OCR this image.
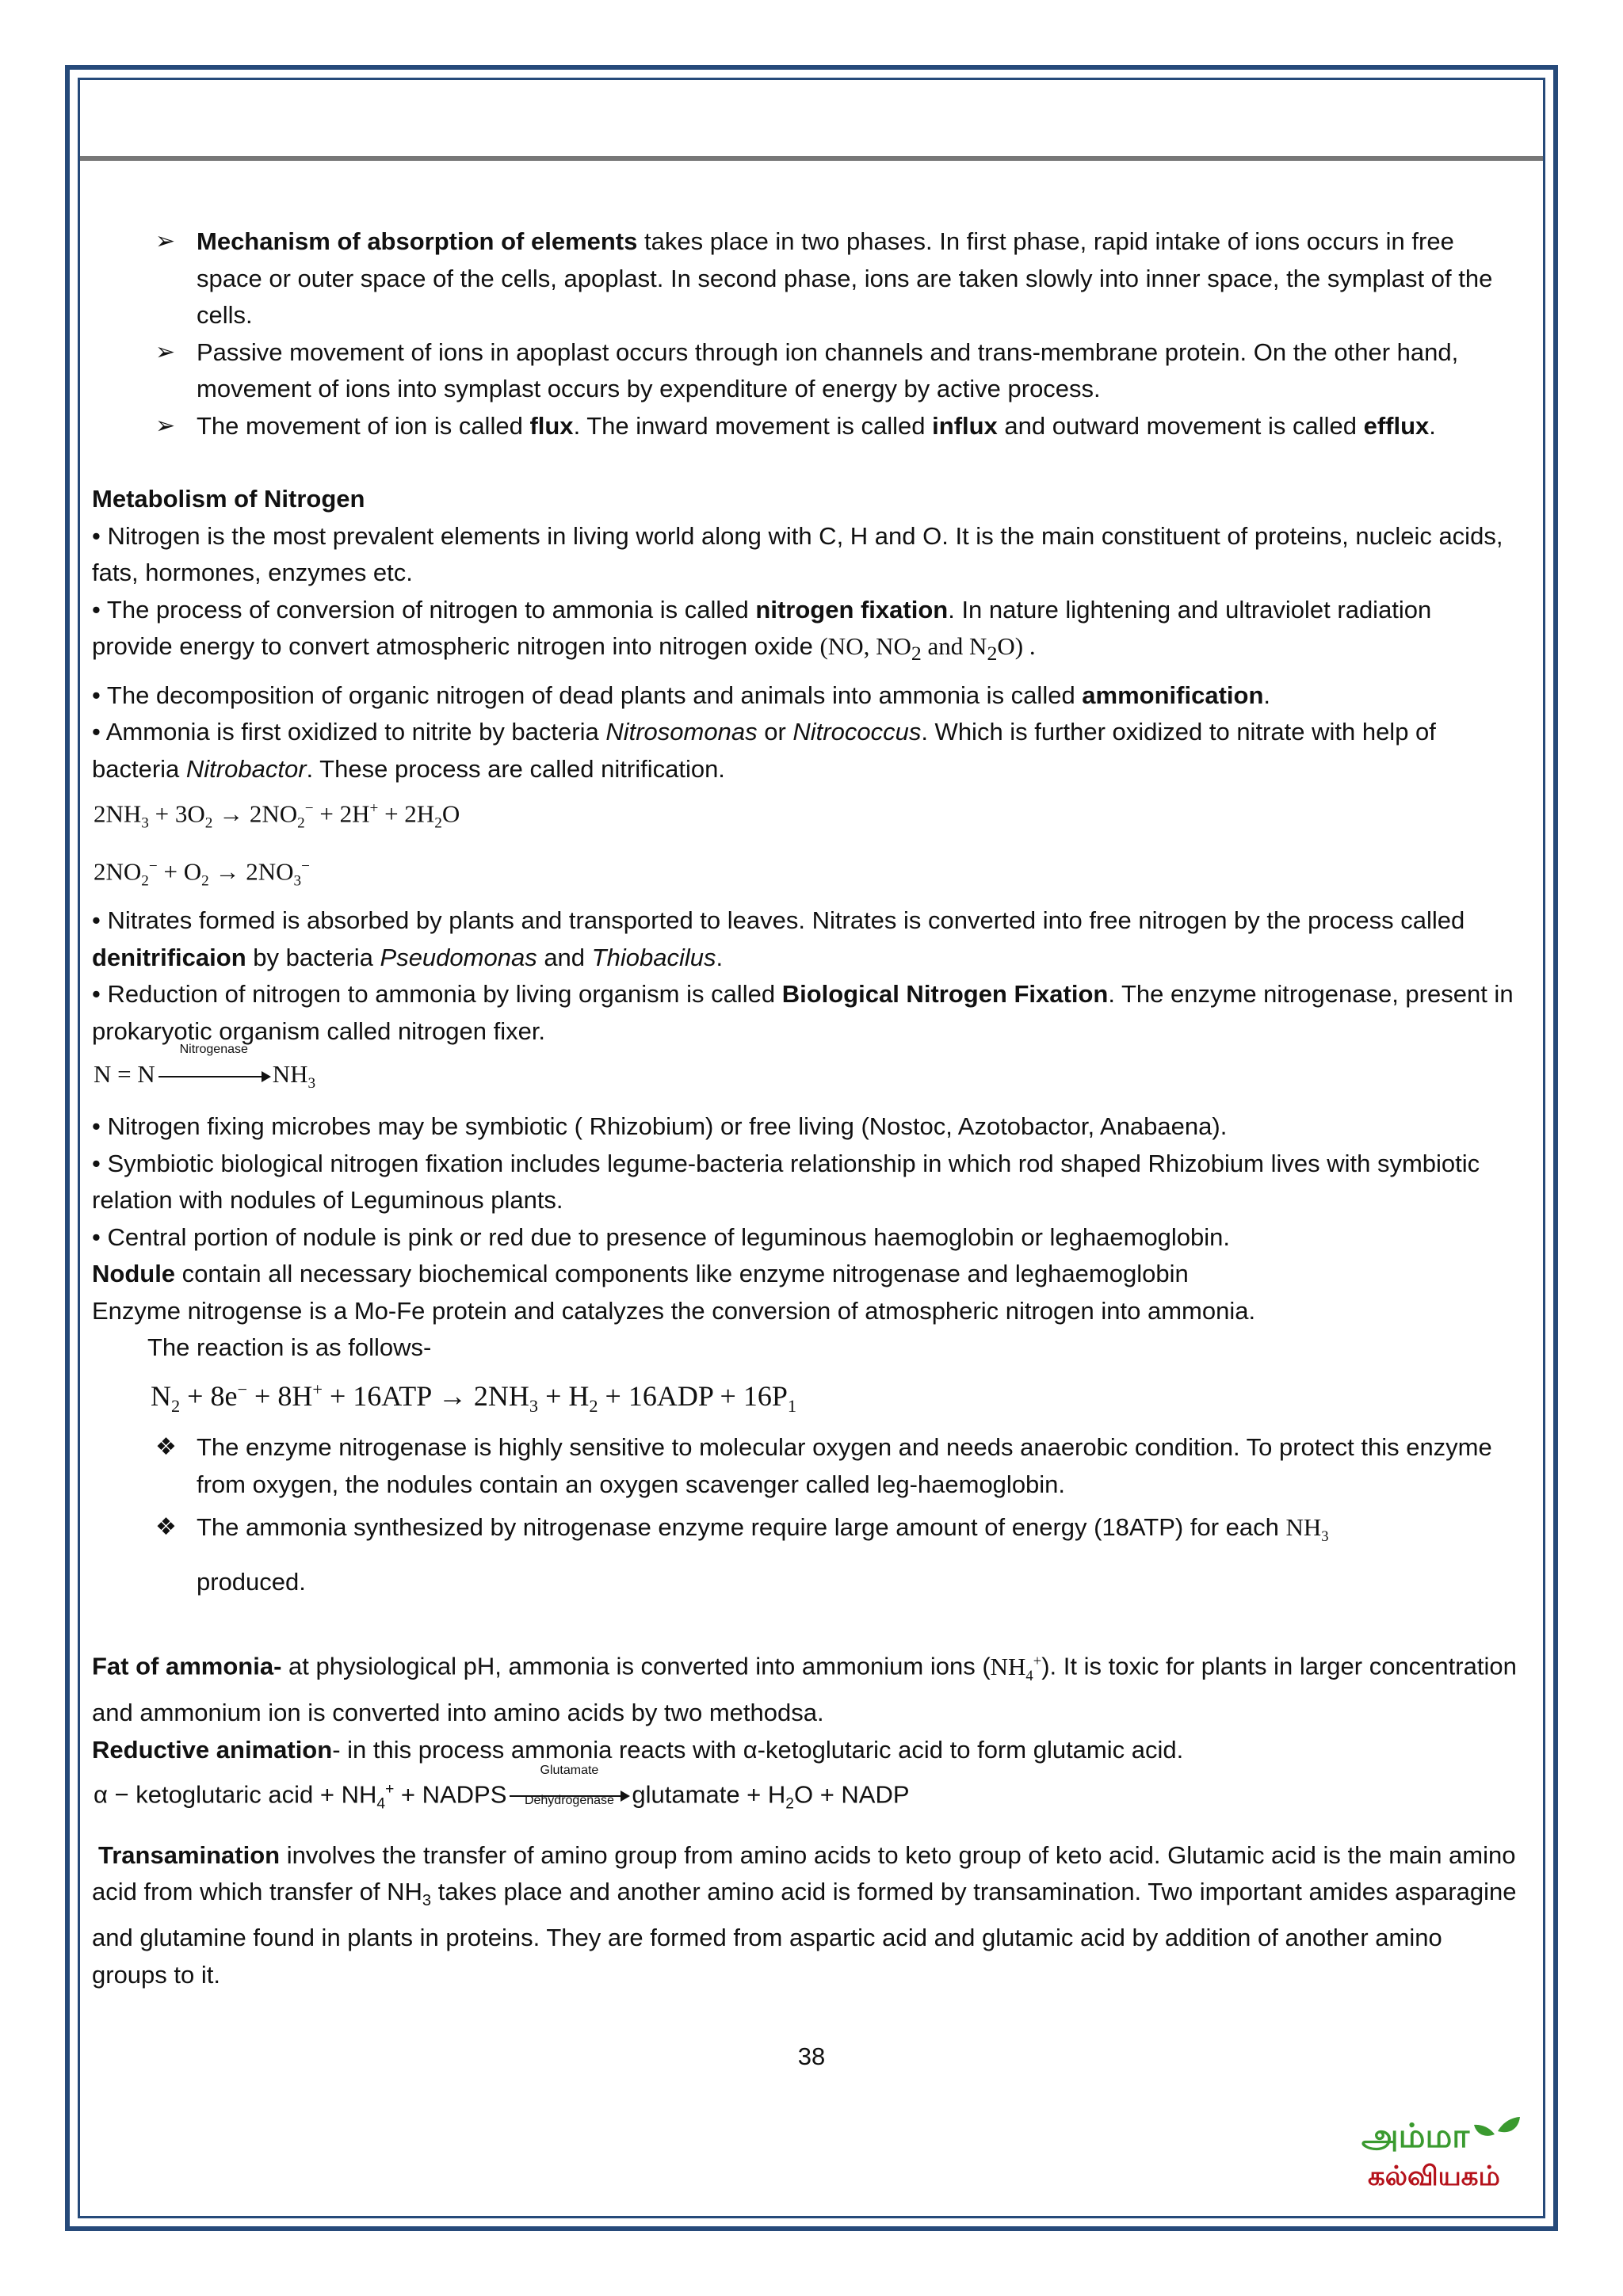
➢ Mechanism of absorption of elements takes place in two phases. In first phase, rapid intake of ions occurs in free space or outer space of the cells, apoplast. In second phase, ions are taken slowly into inner space, the symplast of the cells.
➢ Passive movement of ions in apoplast occurs through ion channels and trans-membrane protein. On the other hand, movement of ions into symplast occurs by expenditure of energy by active process.
➢ The movement of ion is called flux. The inward movement is called influx and outward movement is called efflux.

Metabolism of Nitrogen

• Nitrogen is the most prevalent elements in living world along with C, H and O. It is the main constituent of proteins, nucleic acids, fats, hormones, enzymes etc.

• The process of conversion of nitrogen to ammonia is called nitrogen fixation. In nature lightening and ultraviolet radiation provide energy to convert atmospheric nitrogen into nitrogen oxide (NO, $NO_2$ and $N_2O$) .

• The decomposition of organic nitrogen of dead plants and animals into ammonia is called ammonification.

• Ammonia is first oxidized to nitrite by bacteria Nitrosomonas or Nitrococcus. Which is further oxidized to nitrate with help of bacteria Nitrobactor. These process are called nitrification.

$2NH_3 + 3O_2 \to 2NO_2^- + 2H^+ + 2H_2O$
$2NO_2^- + O_2 \to 2NO_3^-$

• Nitrates formed is absorbed by plants and transported to leaves. Nitrates is converted into free nitrogen by the process called denitrificaion by bacteria Pseudomonas and Thiobacilus.

• Reduction of nitrogen to ammonia by living organism is called Biological Nitrogen Fixation. The enzyme nitrogenase, present in prokaryotic organism called nitrogen fixer.

N = N
Nitrogenase
$NH_3$

• Nitrogen fixing microbes may be symbiotic ( Rhizobium) or free living (Nostoc, Azotobactor, Anabaena).

• Symbiotic biological nitrogen fixation includes legume-bacteria relationship in which rod shaped Rhizobium lives with symbiotic relation with nodules of Leguminous plants.

• Central portion of nodule is pink or red due to presence of leguminous haemoglobin or leghaemoglobin.

Nodule contain all necessary biochemical components like enzyme nitrogenase and leghaemoglobin

Enzyme nitrogense is a Mo-Fe protein and catalyzes the conversion of atmospheric nitrogen into ammonia.

The reaction is as follows-

$N_2 + 8e^- + 8H^+ + 16ATP \to 2NH_3 + H_2 + 16ADP + 16P_1$
❖ The enzyme nitrogenase is highly sensitive to molecular oxygen and needs anaerobic condition. To protect this enzyme from oxygen, the nodules contain an oxygen scavenger called leg-haemoglobin.
❖ The ammonia synthesized by nitrogenase enzyme require large amount of energy (18ATP) for each $NH_3$
produced.

Fat of ammonia- at physiological pH, ammonia is converted into ammonium ions $(NH_4^+)$. It is toxic for plants in larger concentration and ammonium ion is converted into amino acids by two methodsa.

Reductive animation- in this process ammonia reacts with α-ketoglutaric acid to form glutamic acid.

α − ketoglutaric acid + $NH_4^+$ + NADPS
Glutamate
Dehydrogenase glutamate + $H_2O$ + NADP

Transamination involves the transfer of amino group from amino acids to keto group of keto acid. Glutamic acid is the main amino acid from which transfer of $NH_3$ takes place and another amino acid is formed by transamination. Two important amides asparagine and glutamine found in plants in proteins. They are formed from aspartic acid and glutamic acid by addition of another amino groups to it.

38
அம்மா
கல்வியகம்
